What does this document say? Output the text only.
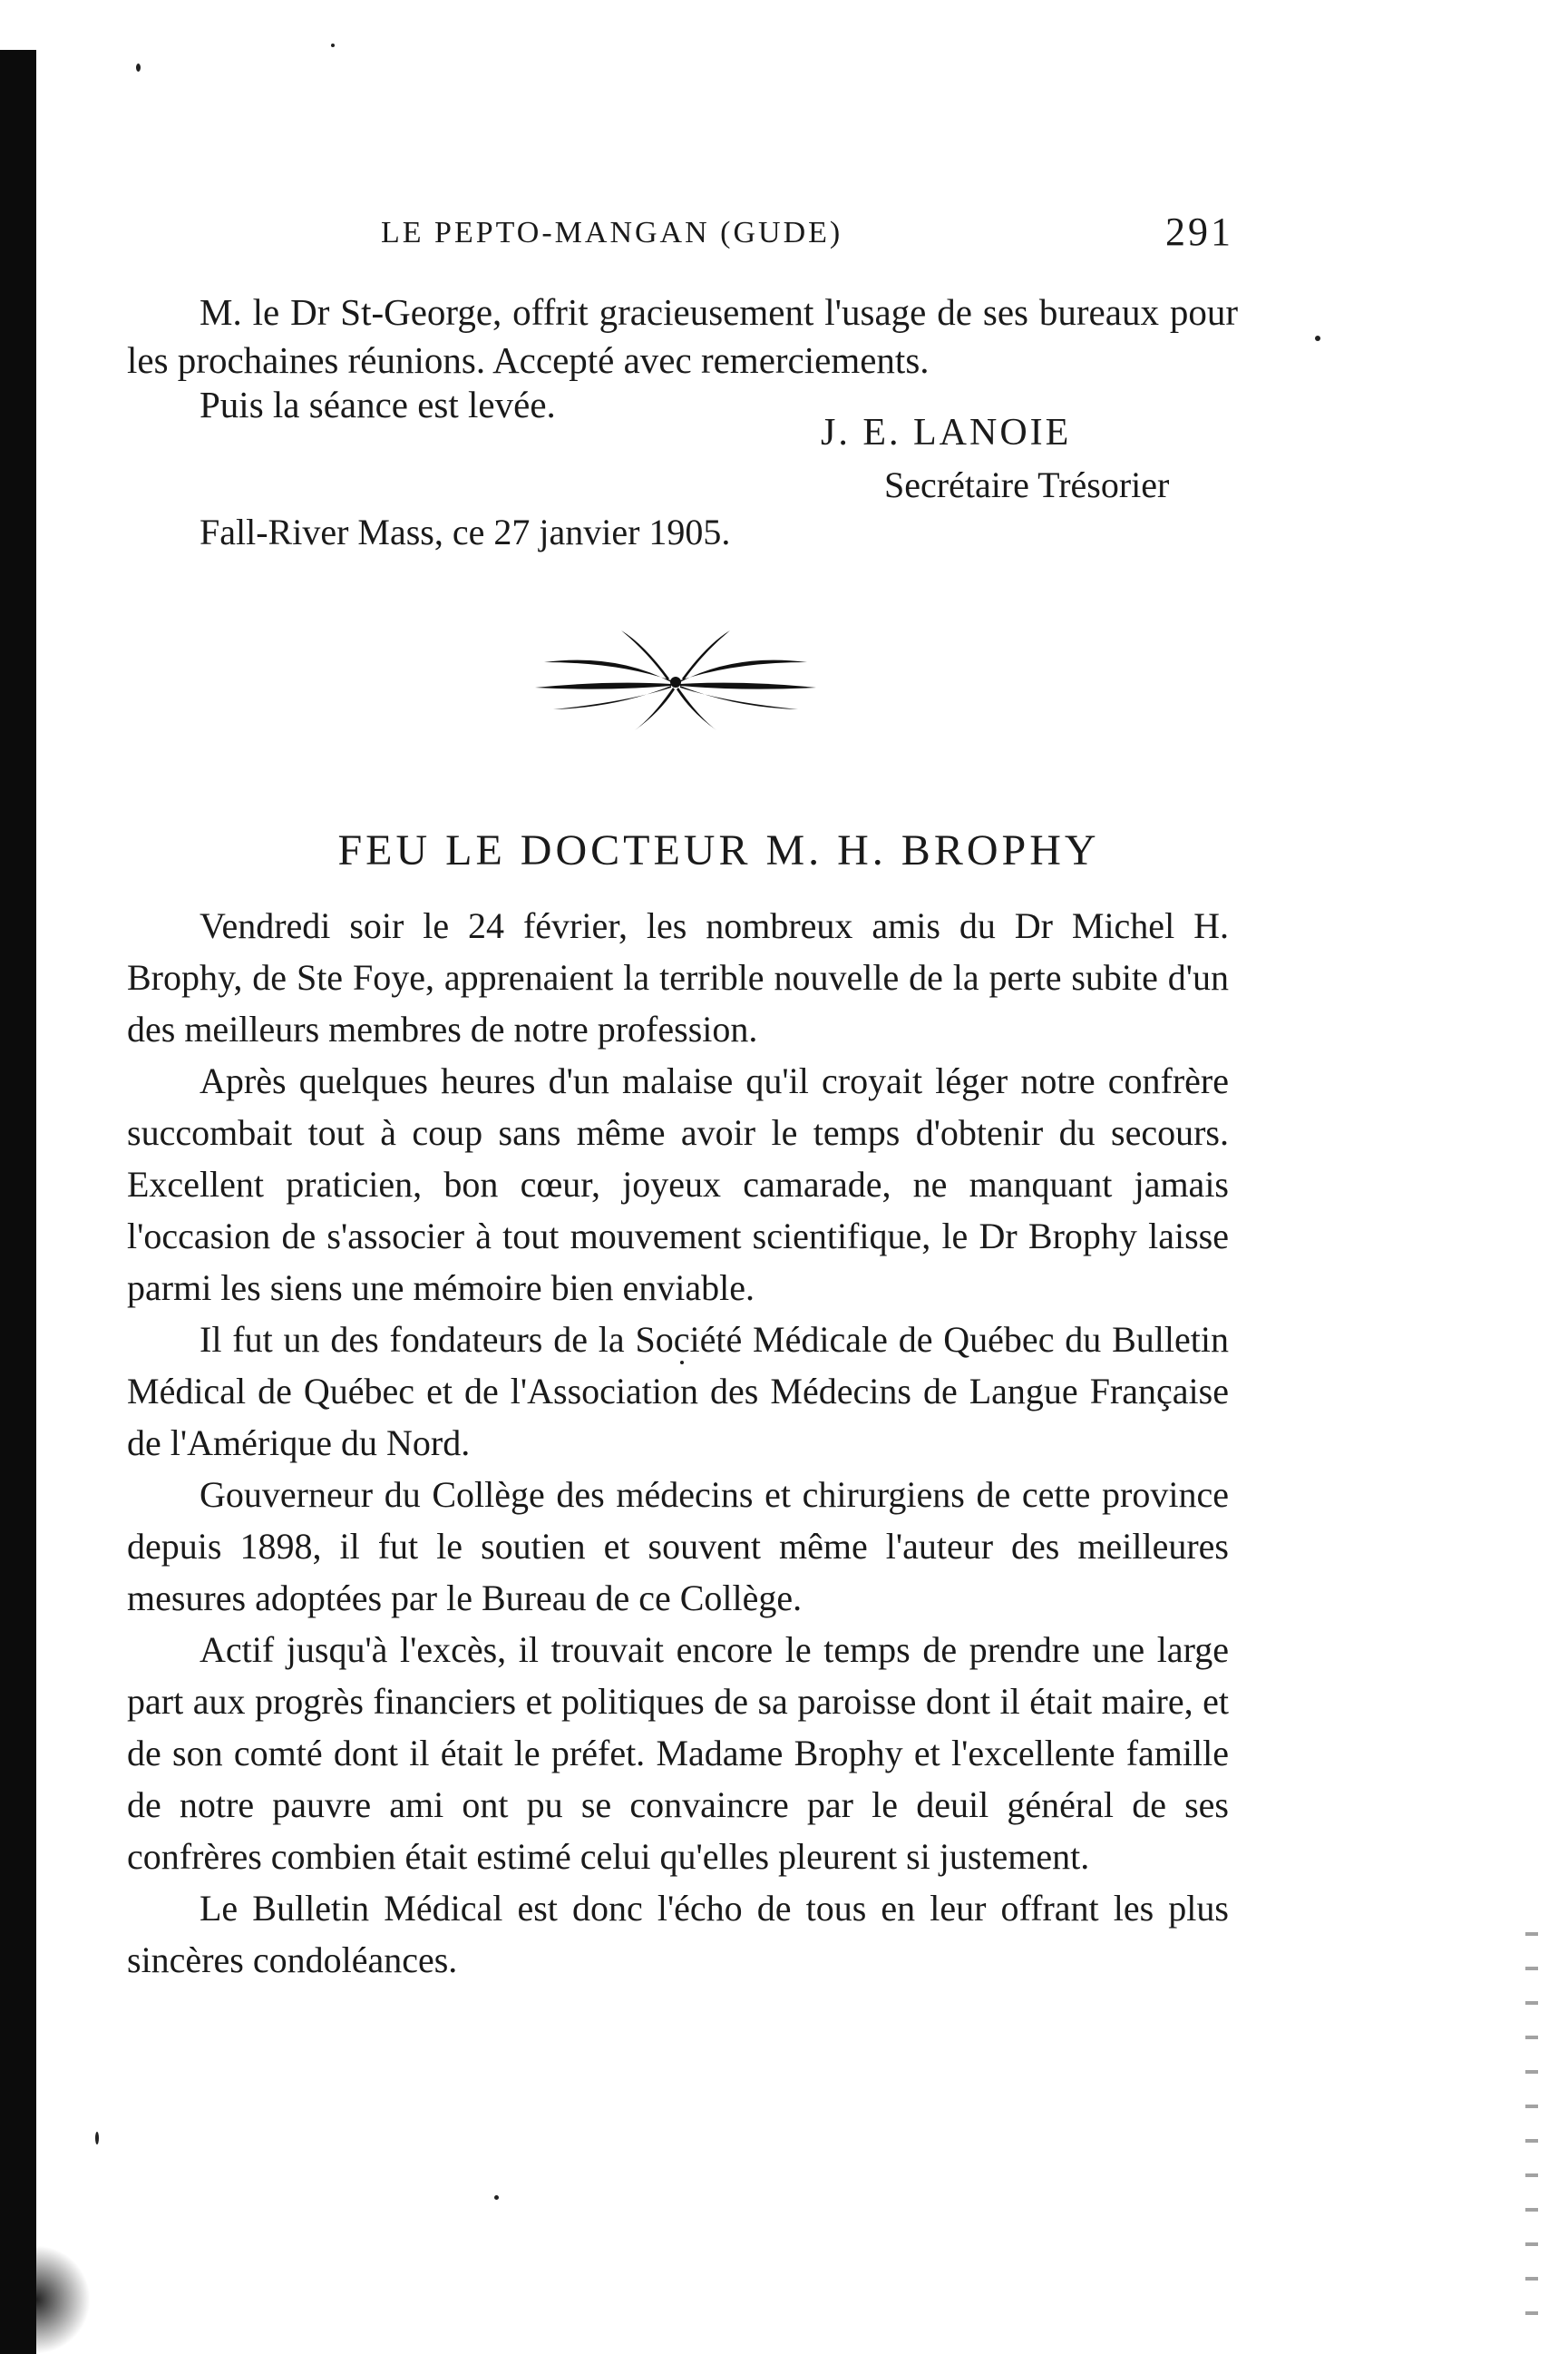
LE PEPTO-MANGAN (GUDE)	291

M. le Dr St-George, offrit gracieusement l'usage de ses bureaux pour les prochaines réunions. Accepté avec remerciements.

Puis la séance est levée.

J. E. LANOIE
Secrétaire Trésorier
Fall-River Mass, ce 27 janvier 1905.
FEU LE DOCTEUR M. H. BROPHY

Vendredi soir le 24 février, les nombreux amis du Dr Michel H. Brophy, de Ste Foye, apprenaient la terrible nouvelle de la perte subite d'un des meilleurs membres de notre profession.

Après quelques heures d'un malaise qu'il croyait léger notre confrère succombait tout à coup sans même avoir le temps d'obtenir du secours. Excellent praticien, bon cœur, joyeux camarade, ne manquant jamais l'occasion de s'associer à tout mouvement scientifique, le Dr Brophy laisse parmi les siens une mémoire bien enviable.

Il fut un des fondateurs de la Société Médicale de Québec du Bulletin Médical de Québec et de l'Association des Médecins de Langue Française de l'Amérique du Nord.

Gouverneur du Collège des médecins et chirurgiens de cette province depuis 1898, il fut le soutien et souvent même l'auteur des meilleures mesures adoptées par le Bureau de ce Collège.

Actif jusqu'à l'excès, il trouvait encore le temps de prendre une large part aux progrès financiers et politiques de sa paroisse dont il était maire, et de son comté dont il était le préfet. Madame Brophy et l'excellente famille de notre pauvre ami ont pu se convaincre par le deuil général de ses confrères combien était estimé celui qu'elles pleurent si justement.

Le Bulletin Médical est donc l'écho de tous en leur offrant les plus sincères condoléances.
